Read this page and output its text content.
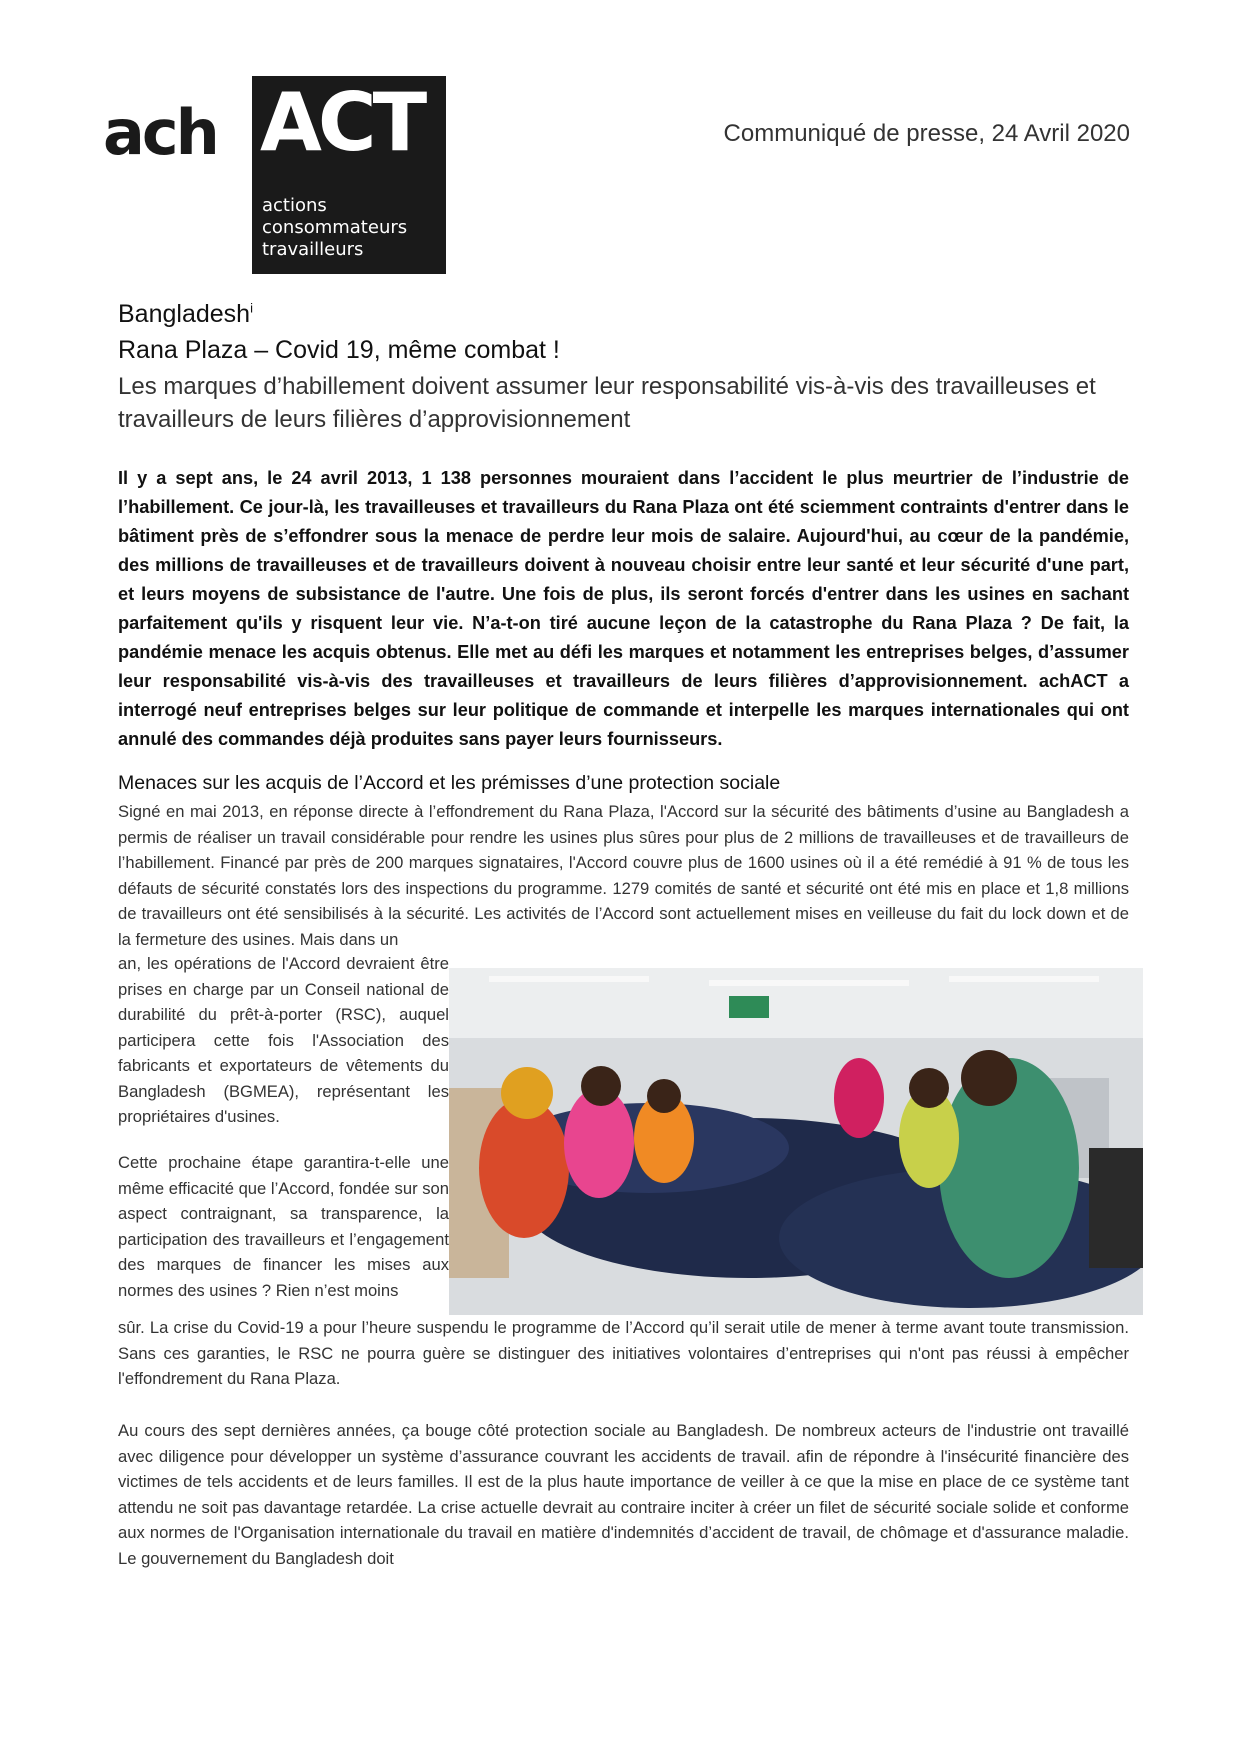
ach ACT
actions
consommateurs
travailleurs
Communiqué de presse, 24 Avril 2020
Bangladesh$^i$
Rana Plaza – Covid 19, même combat !
Les marques d’habillement doivent assumer leur responsabilité vis-à-vis des travailleuses et travailleurs de leurs filières d’approvisionnement

Il y a sept ans, le 24 avril 2013, 1 138 personnes mouraient dans l’accident le plus meurtrier de l’industrie de l’habillement. Ce jour-là, les travailleuses et travailleurs du Rana Plaza ont été sciemment contraints d'entrer dans le bâtiment près de s’effondrer sous la menace de perdre leur mois de salaire. Aujourd'hui, au cœur de la pandémie, des millions de travailleuses et de travailleurs doivent à nouveau choisir entre leur santé et leur sécurité d'une part, et leurs moyens de subsistance de l'autre. Une fois de plus, ils seront forcés d'entrer dans les usines en sachant parfaitement qu'ils y risquent leur vie. N’a-t-on tiré aucune leçon de la catastrophe du Rana Plaza ? De fait, la pandémie menace les acquis obtenus. Elle met au défi les marques et notamment les entreprises belges, d’assumer leur responsabilité vis-à-vis des travailleuses et travailleurs de leurs filières d’approvisionnement. achACT a interrogé neuf entreprises belges sur leur politique de commande et interpelle les marques internationales qui ont annulé des commandes déjà produites sans payer leurs fournisseurs.

Menaces sur les acquis de l’Accord et les prémisses d’une protection sociale

Signé en mai 2013, en réponse directe à l’effondrement du Rana Plaza, l'Accord sur la sécurité des bâtiments d’usine au Bangladesh a permis de réaliser un travail considérable pour rendre les usines plus sûres pour plus de 2 millions de travailleuses et de travailleurs de l’habillement. Financé par près de 200 marques signataires, l'Accord couvre plus de 1600 usines où il a été remédié à 91 % de tous les défauts de sécurité constatés lors des inspections du programme. 1279 comités de santé et sécurité ont été mis en place et 1,8 millions de travailleurs ont été sensibilisés à la sécurité. Les activités de l’Accord sont actuellement mises en veilleuse du fait du lock down et de la fermeture des usines. Mais dans un

an, les opérations de l'Accord devraient être prises en charge par un Conseil national de durabilité du prêt-à-porter (RSC), auquel participera cette fois l'Association des fabricants et exportateurs de vêtements du Bangladesh (BGMEA), représentant les propriétaires d'usines.

Cette prochaine étape garantira-t-elle une même efficacité que l’Accord, fondée sur son aspect contraignant, sa transparence, la participation des travailleurs et l’engagement des marques de financer les mises aux normes des usines ? Rien n’est moins

sûr. La crise du Covid-19 a pour l’heure suspendu le programme de l’Accord qu’il serait utile de mener à terme avant toute transmission. Sans ces garanties, le RSC ne pourra guère se distinguer des initiatives volontaires d’entreprises qui n'ont pas réussi à empêcher l'effondrement du Rana Plaza.

Au cours des sept dernières années, ça bouge côté protection sociale au Bangladesh. De nombreux acteurs de l'industrie ont travaillé avec diligence pour développer un système d’assurance couvrant les accidents de travail. afin de répondre à l'insécurité financière des victimes de tels accidents et de leurs familles. Il est de la plus haute importance de veiller à ce que la mise en place de ce système tant attendu ne soit pas davantage retardée. La crise actuelle devrait au contraire inciter à créer un filet de sécurité sociale solide et conforme aux normes de l'Organisation internationale du travail en matière d'indemnités d’accident de travail, de chômage et d'assurance maladie. Le gouvernement du Bangladesh doit
